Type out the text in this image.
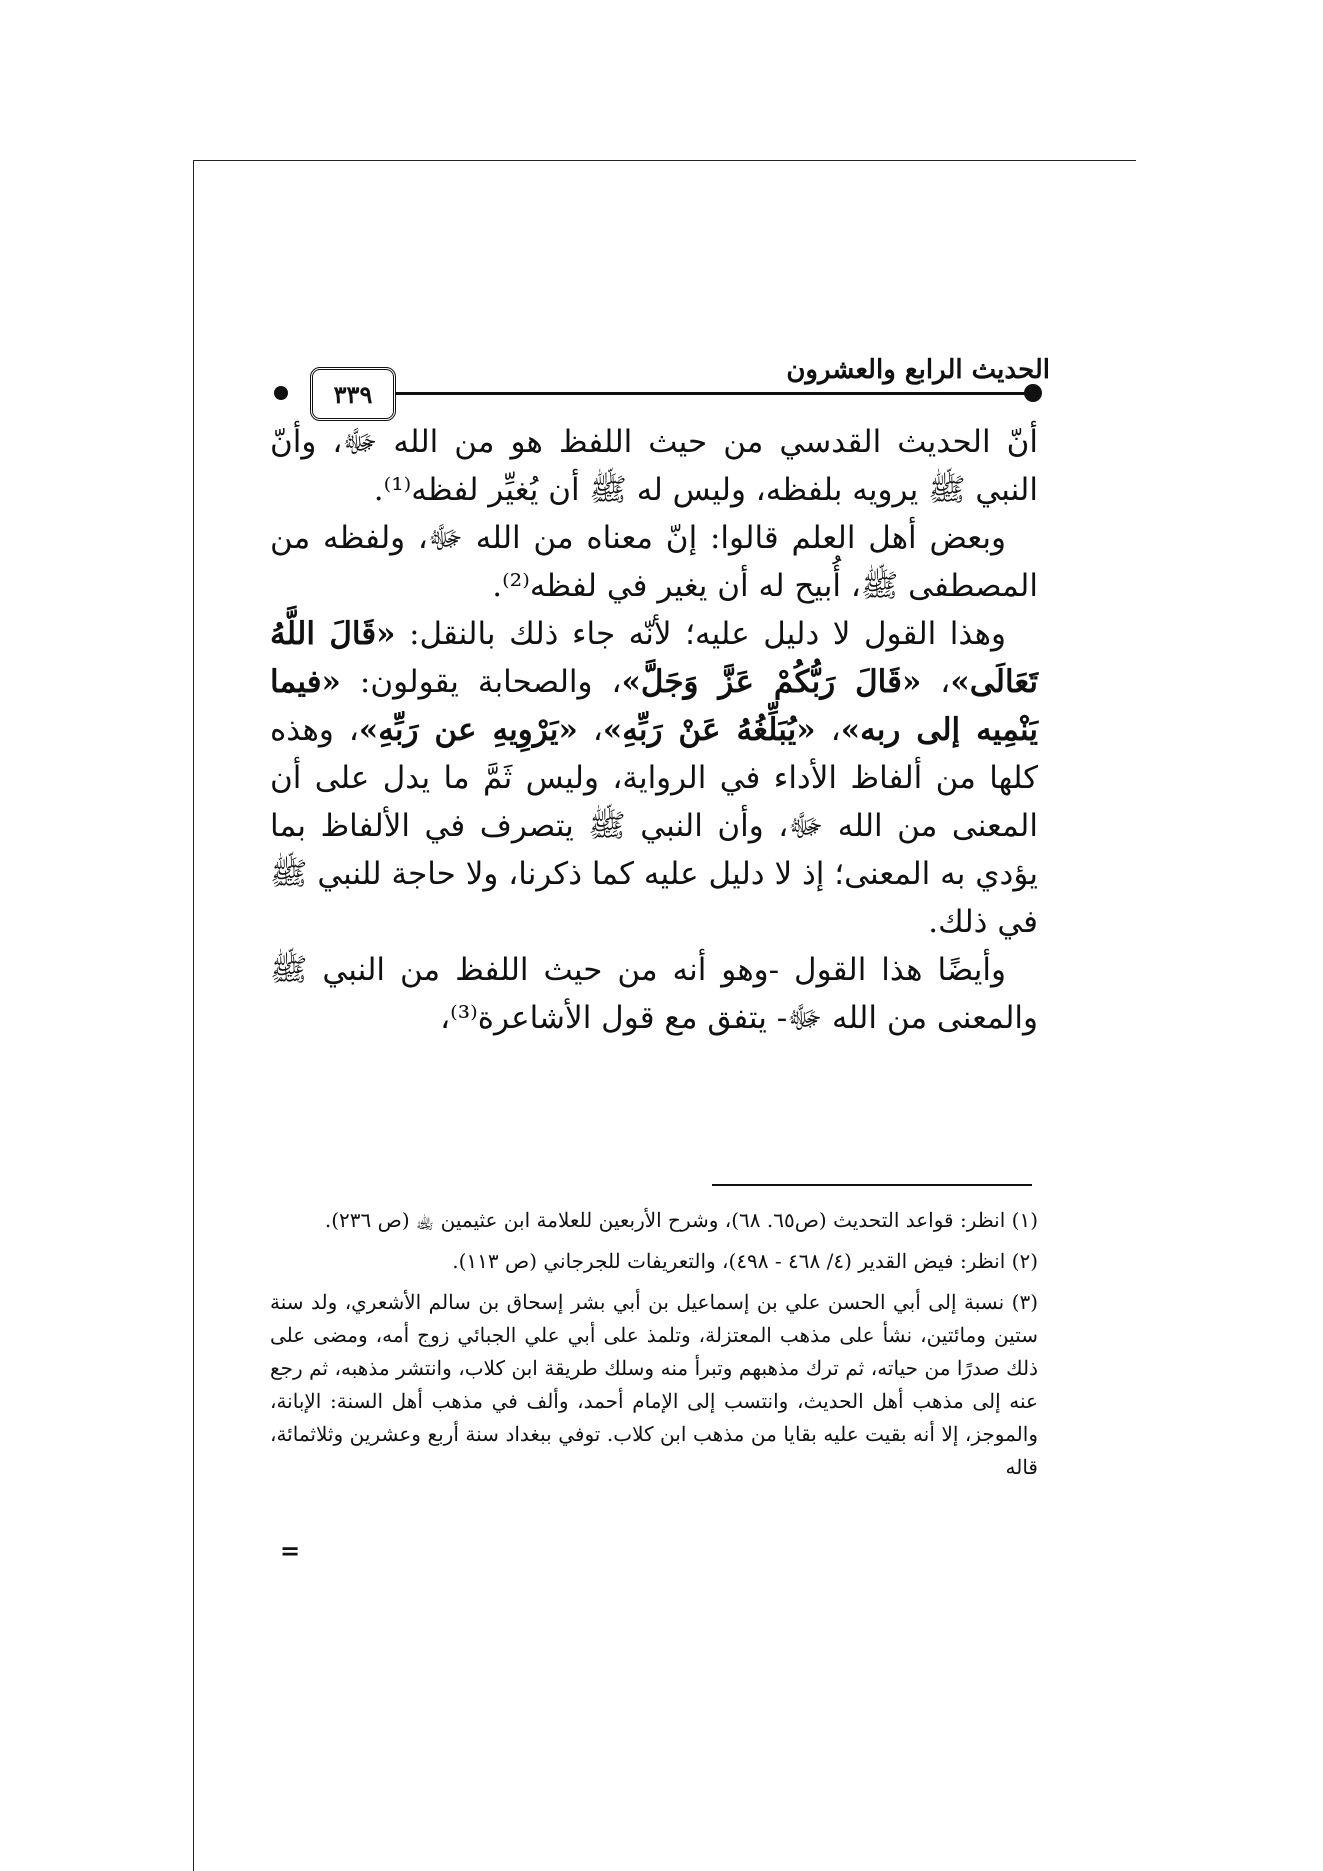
الحديث الرابع والعشرون
٣٣٩

أنّ الحديث القدسي من حيث اللفظ هو من الله ﷻ، وأنّ النبي ﷺ يرويه بلفظه، وليس له ﷺ أن يُغيِّر لفظه⁽¹⁾.

وبعض أهل العلم قالوا: إنّ معناه من الله ﷻ، ولفظه من المصطفى ﷺ، أُبيح له أن يغير في لفظه⁽²⁾.

وهذا القول لا دليل عليه؛ لأنّه جاء ذلك بالنقل: «قَالَ اللَّهُ تَعَالَى»، «قَالَ رَبُّكُمْ عَزَّ وَجَلَّ»، والصحابة يقولون: «فيما يَنْمِيه إلى ربه»، «يُبَلِّغُهُ عَنْ رَبِّهِ»، «يَرْوِيهِ عن رَبِّهِ»، وهذه كلها من ألفاظ الأداء في الرواية، وليس ثَمَّ ما يدل على أن المعنى من الله ﷻ، وأن النبي ﷺ يتصرف في الألفاظ بما يؤدي به المعنى؛ إذ لا دليل عليه كما ذكرنا، ولا حاجة للنبي ﷺ في ذلك.

وأيضًا هذا القول -وهو أنه من حيث اللفظ من النبي ﷺ والمعنى من الله ﷻ- يتفق مع قول الأشاعرة⁽³⁾،

(١) انظر: قواعد التحديث (ص٦٥. ٦٨)، وشرح الأربعين للعلامة ابن عثيمين ﵀ (ص ٢٣٦).

(٢) انظر: فيض القدير (٤/ ٤٦٨ - ٤٩٨)، والتعريفات للجرجاني (ص ١١٣).

(٣) نسبة إلى أبي الحسن علي بن إسماعيل بن أبي بشر إسحاق بن سالم الأشعري، ولد سنة ستين ومائتين، نشأ على مذهب المعتزلة، وتلمذ على أبي علي الجبائي زوج أمه، ومضى على ذلك صدرًا من حياته، ثم ترك مذهبهم وتبرأ منه وسلك طريقة ابن كلاب، وانتشر مذهبه، ثم رجع عنه إلى مذهب أهل الحديث، وانتسب إلى الإمام أحمد، وألف في مذهب أهل السنة: الإبانة، والموجز، إلا أنه بقيت عليه بقايا من مذهب ابن كلاب. توفي ببغداد سنة أربع وعشرين وثلاثمائة، قاله

=
